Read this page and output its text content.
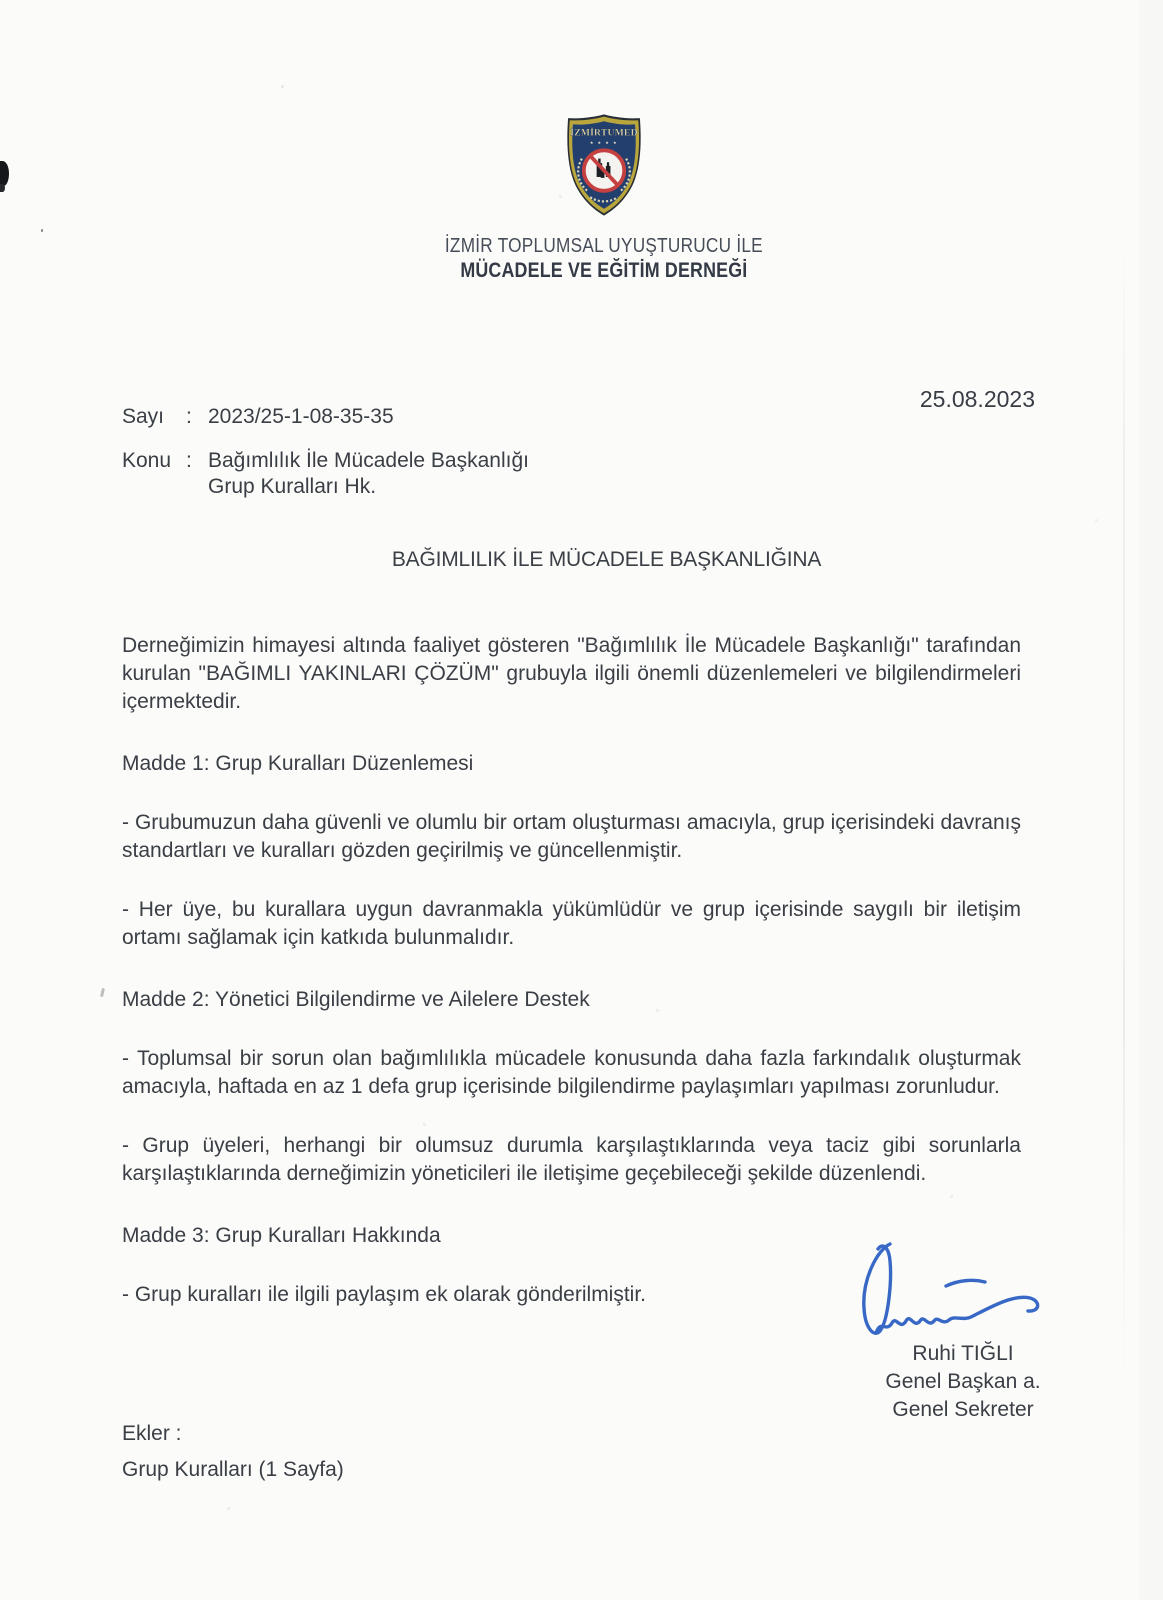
İZMİRTUMED
★ ★ ★ ★
İZMİR TOPLUMSAL UYUŞTURUCU İLE
MÜCADELE VE EĞİTİM DERNEĞİ
25.08.2023
Sayı	: 2023/25-1-08-35-35
Konu : Bağımlılık İle Mücadele Başkanlığı
Grup Kuralları Hk.
BAĞIMLILIK İLE MÜCADELE BAŞKANLIĞINA

Derneğimizin himayesi altında faaliyet gösteren "Bağımlılık İle Mücadele Başkanlığı" tarafından kurulan "BAĞIMLI YAKINLARI ÇÖZÜM" grubuyla ilgili önemli düzenlemeleri ve bilgilendirmeleri içermektedir.

Madde 1: Grup Kuralları Düzenlemesi

- Grubumuzun daha güvenli ve olumlu bir ortam oluşturması amacıyla, grup içerisindeki davranış standartları ve kuralları gözden geçirilmiş ve güncellenmiştir.

- Her üye, bu kurallara uygun davranmakla yükümlüdür ve grup içerisinde saygılı bir iletişim ortamı sağlamak için katkıda bulunmalıdır.

Madde 2: Yönetici Bilgilendirme ve Ailelere Destek

- Toplumsal bir sorun olan bağımlılıkla mücadele konusunda daha fazla farkındalık oluşturmak amacıyla, haftada en az 1 defa grup içerisinde bilgilendirme paylaşımları yapılması zorunludur.

- Grup üyeleri, herhangi bir olumsuz durumla karşılaştıklarında veya taciz gibi sorunlarla karşılaştıklarında derneğimizin yöneticileri ile iletişime geçebileceği şekilde düzenlendi.

Madde 3: Grup Kuralları Hakkında

- Grup kuralları ile ilgili paylaşım ek olarak gönderilmiştir.

Ruhi TIĞLI
Genel Başkan a.
Genel Sekreter
Ekler :
Grup Kuralları (1 Sayfa)
